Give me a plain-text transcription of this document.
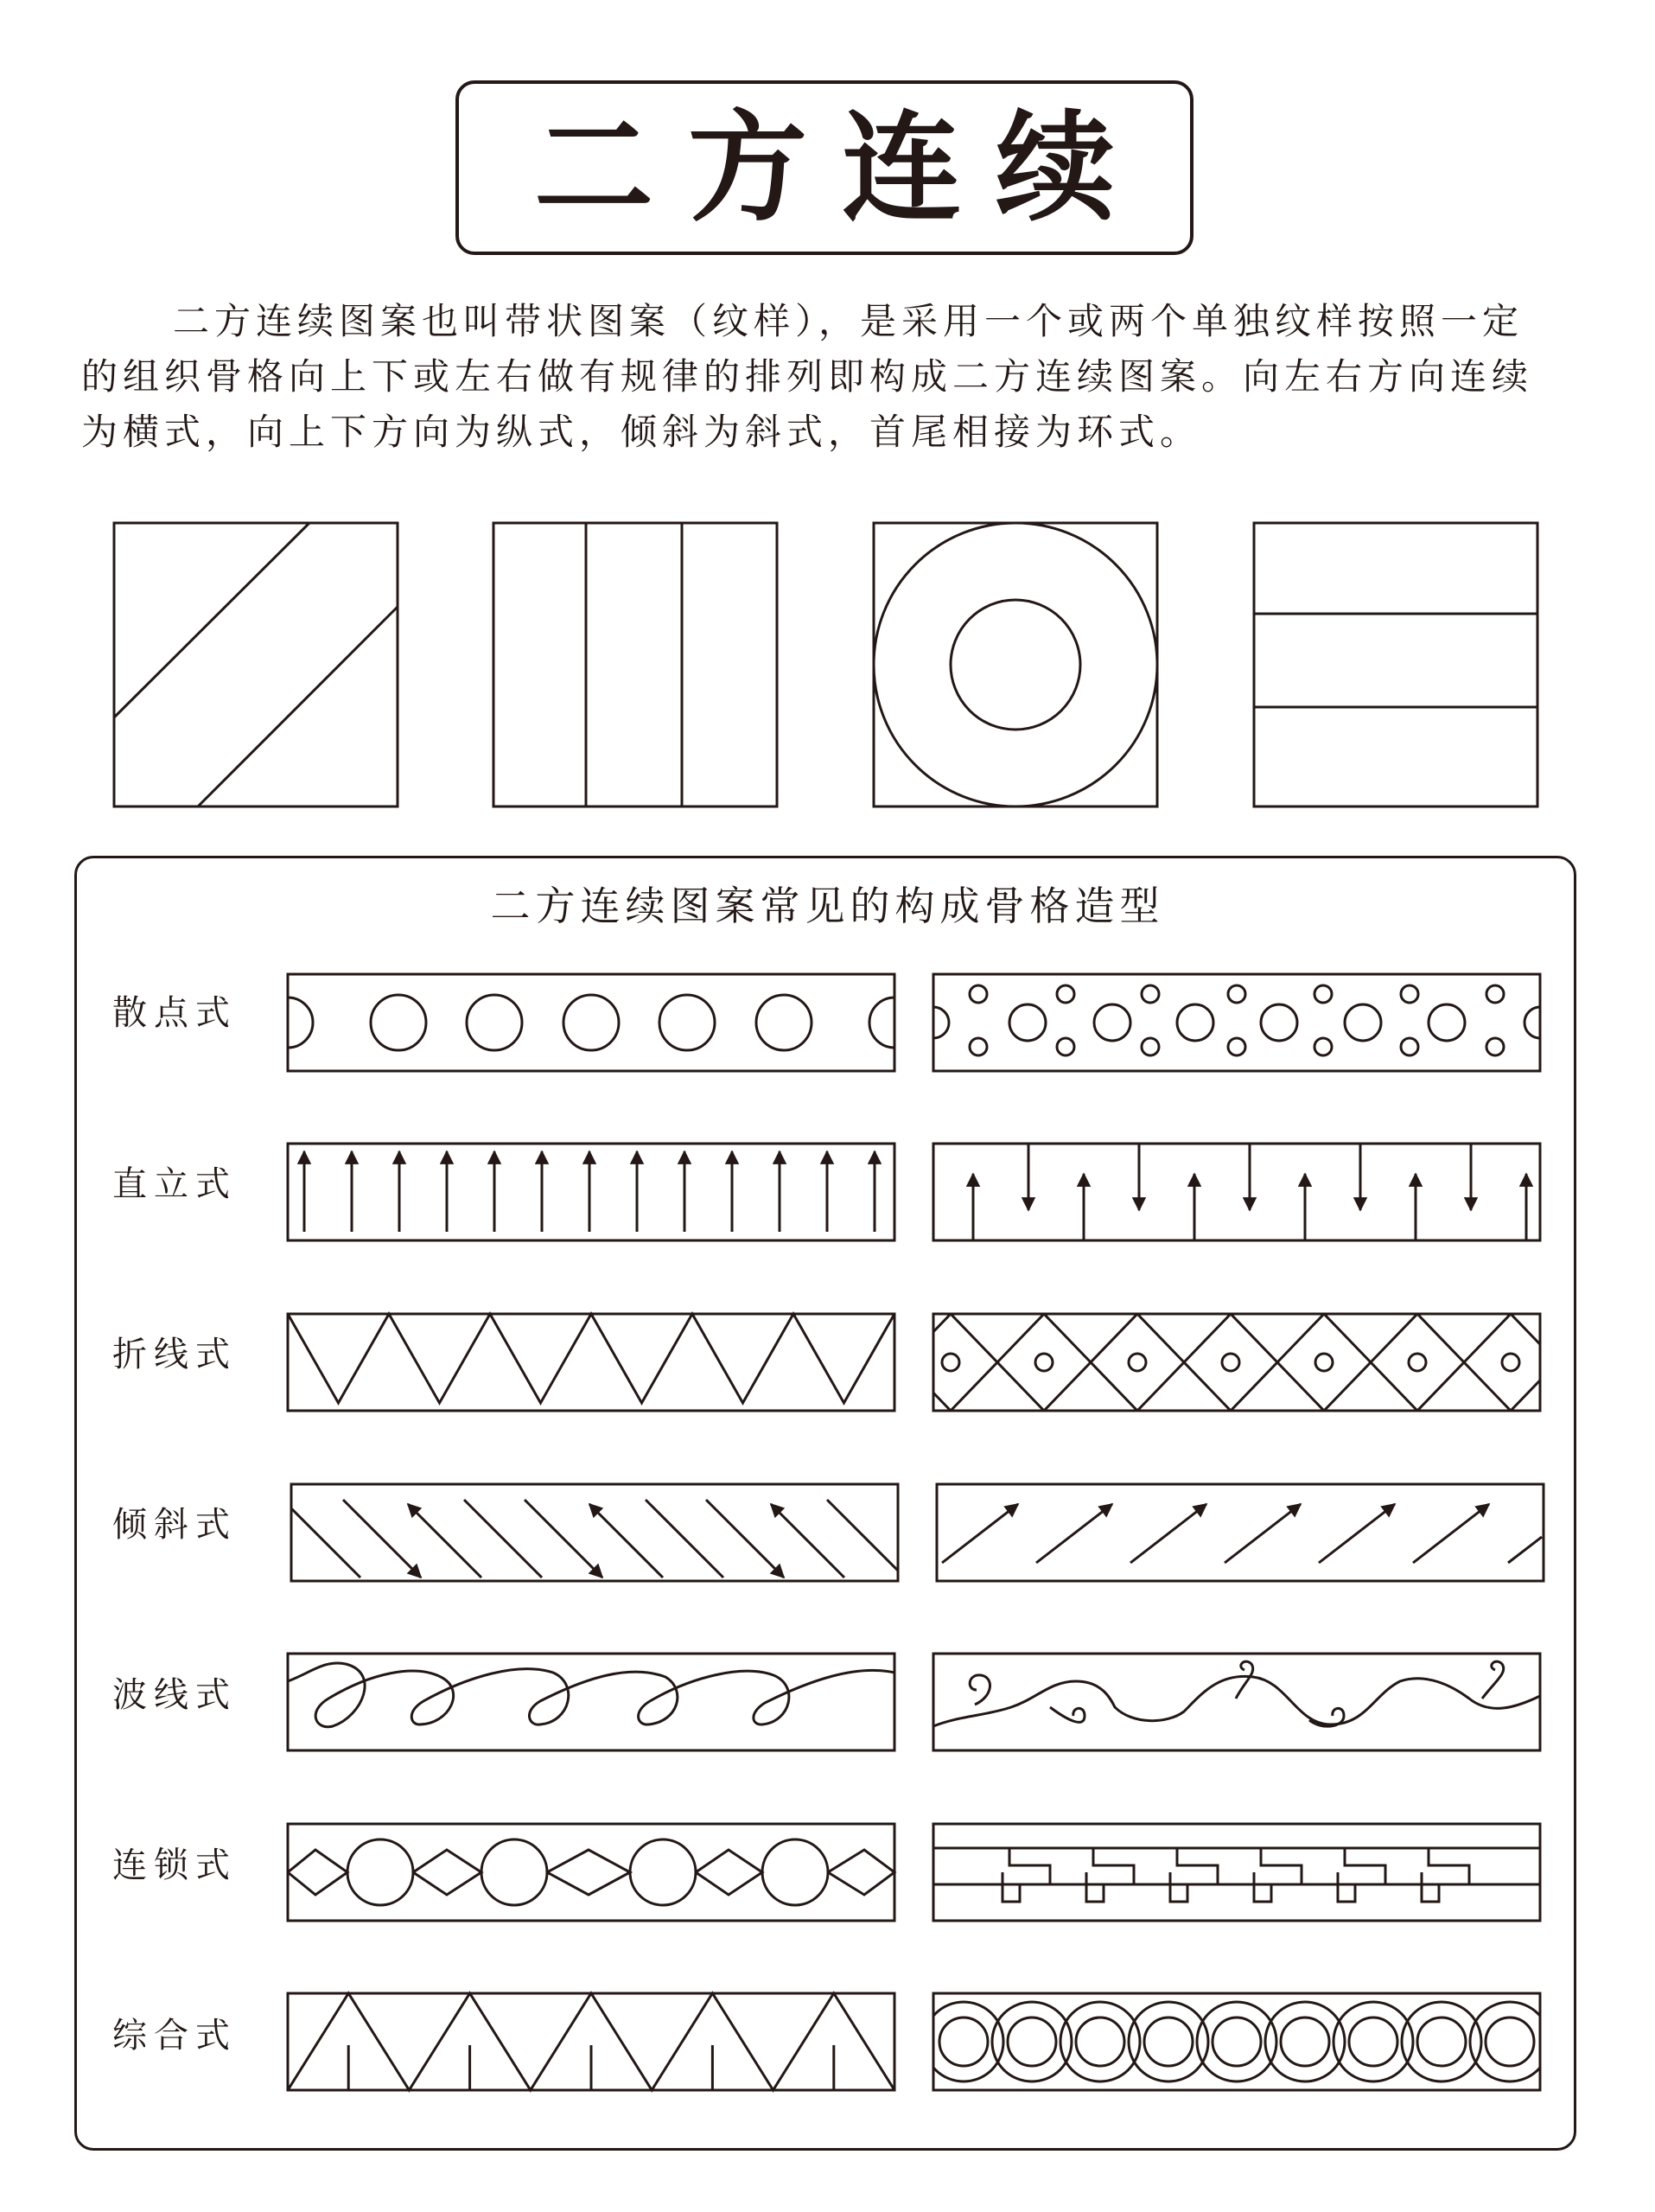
二方连续

二方连续图案也叫带状图案（纹样），是采用一个或两个单独纹样按照一定的组织骨格向上下或左右做有规律的排列即构成二方连续图案。向左右方向连续为横式，向上下方向为纵式，倾斜为斜式，首尾相接为环式。

二方连续图案常见的构成骨格造型
散点式
直立式
折线式
倾斜式
波线式
连锁式
综合式
